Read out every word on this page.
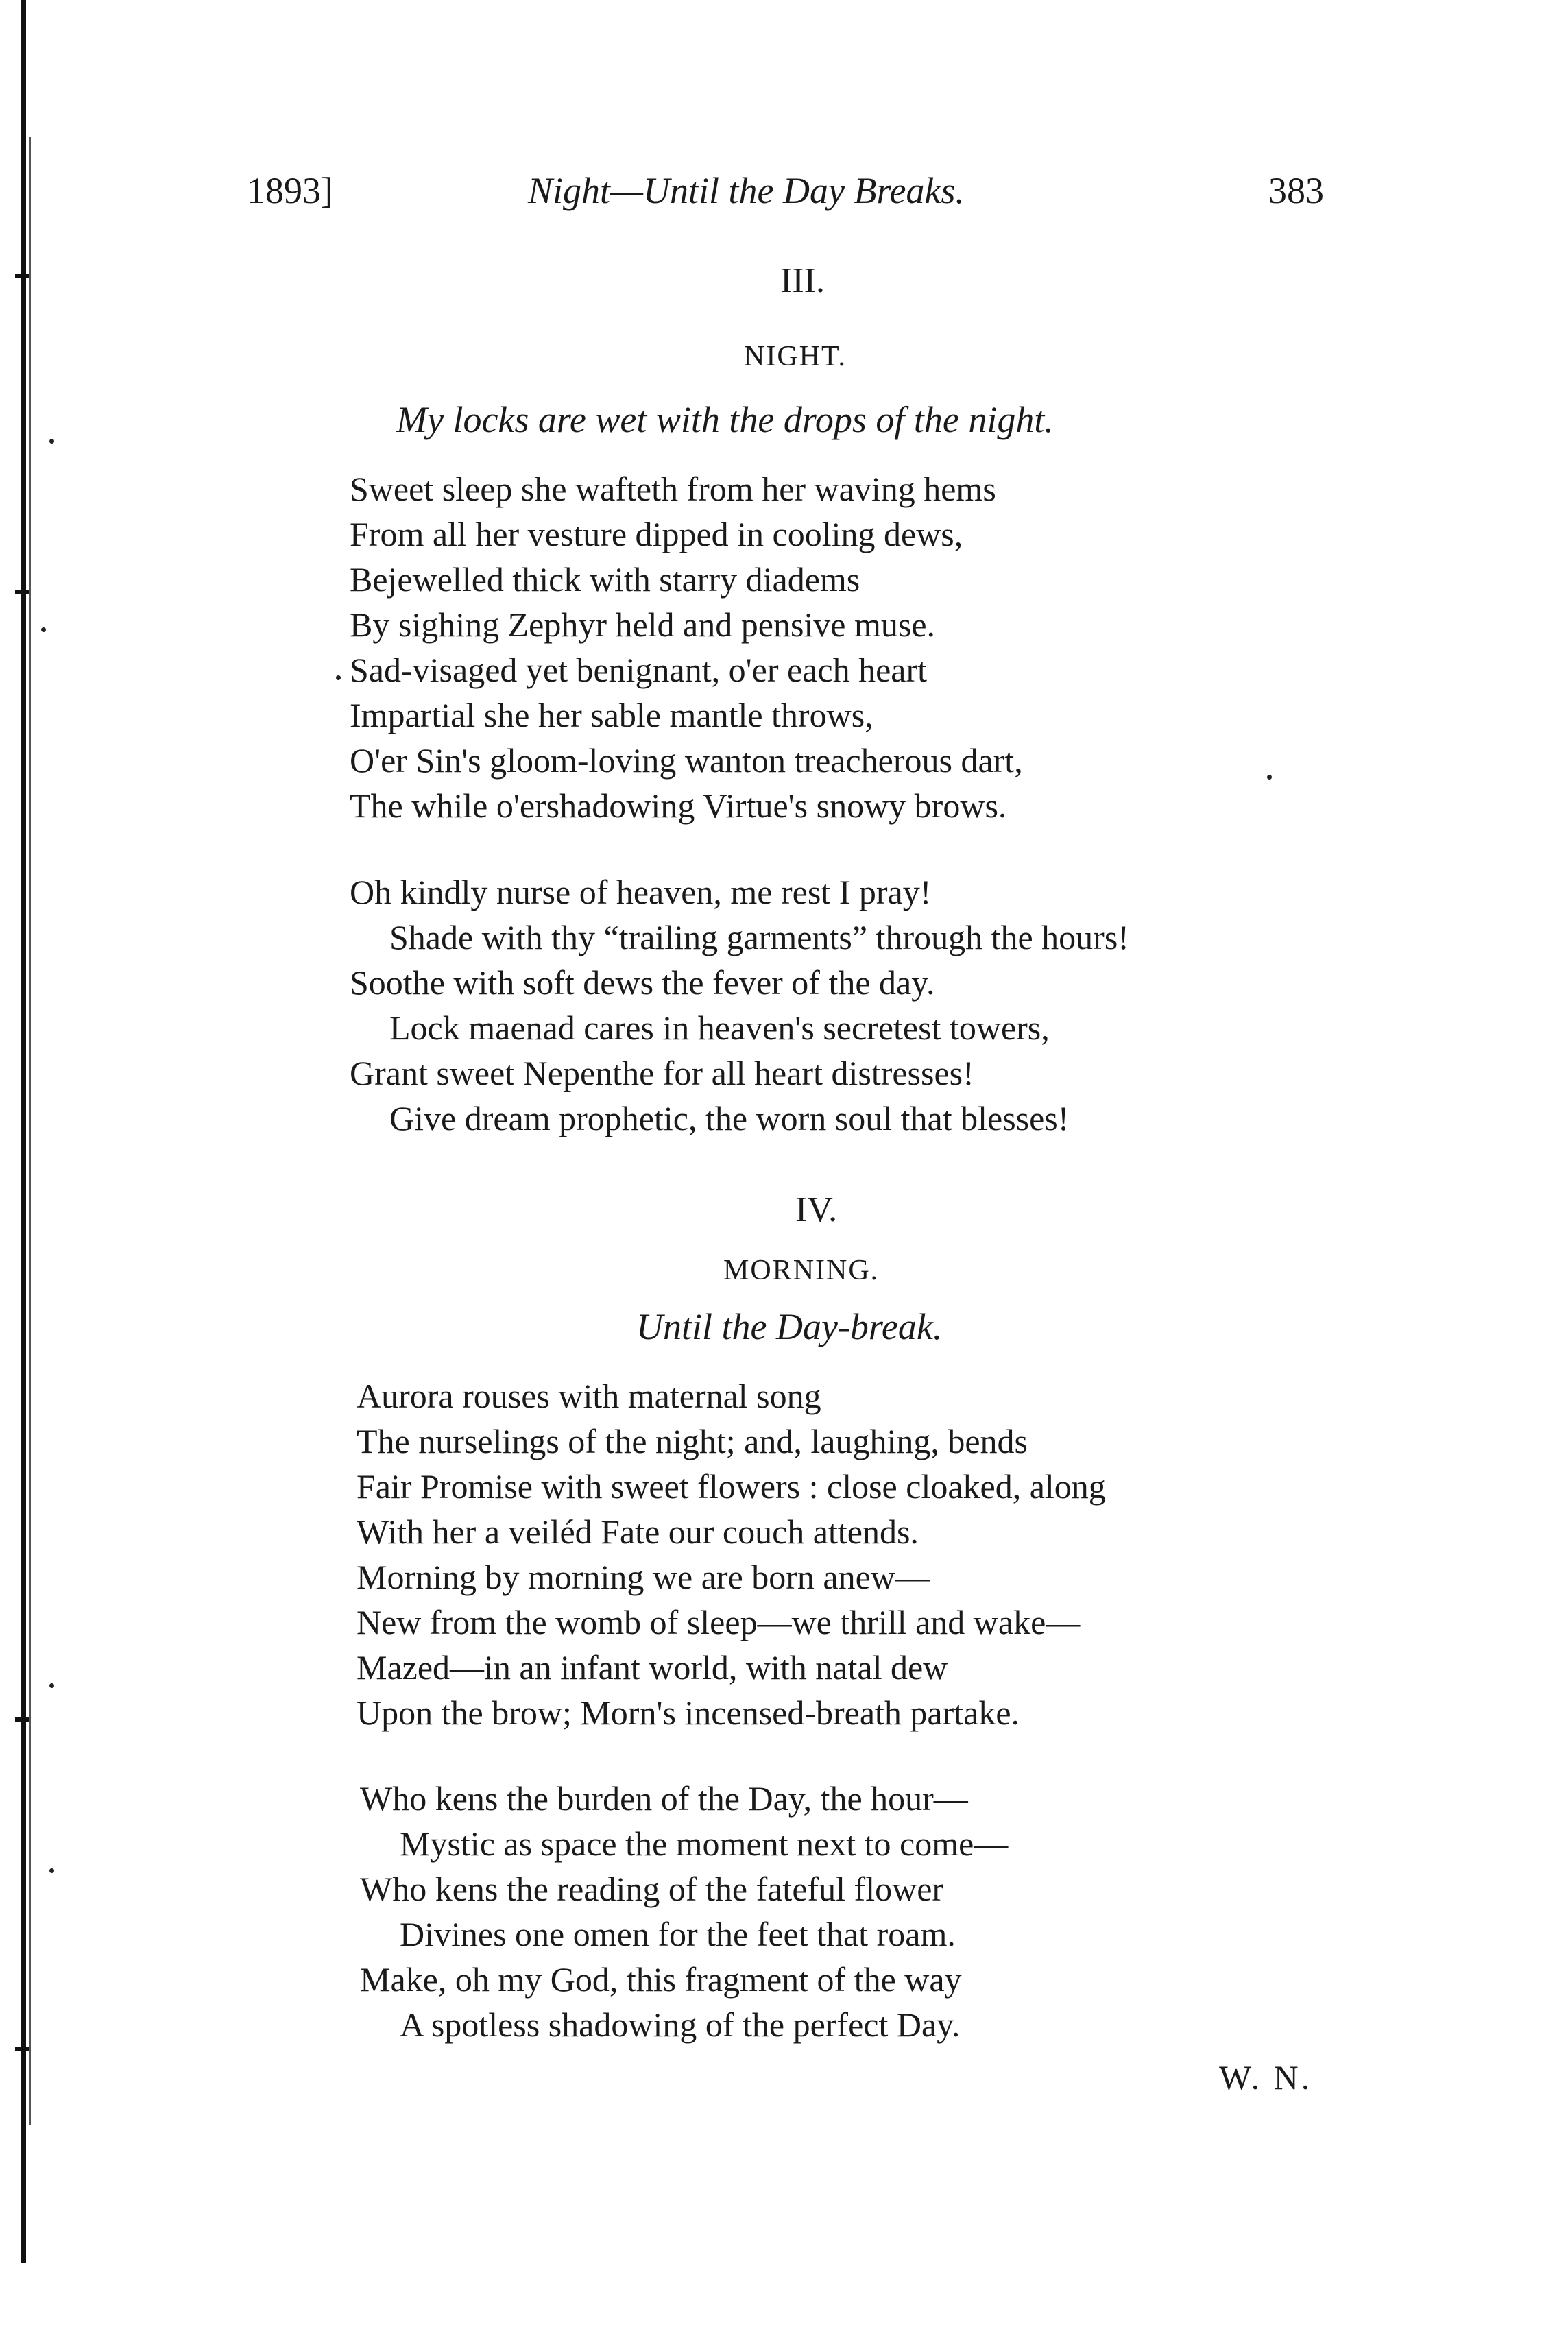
1893]	Night—Until the Day Breaks.	383
III.
NIGHT.
My locks are wet with the drops of the night.
Sweet sleep she wafteth from her waving hems
From all her vesture dipped in cooling dews,
Bejewelled thick with starry diadems
By sighing Zephyr held and pensive muse.
Sad-visaged yet benignant, o'er each heart
Impartial she her sable mantle throws,
O'er Sin's gloom-loving wanton treacherous dart,
The while o'ershadowing Virtue's snowy brows.
Oh kindly nurse of heaven, me rest I pray!
Shade with thy “trailing garments” through the hours!
Soothe with soft dews the fever of the day.
Lock maenad cares in heaven's secretest towers,
Grant sweet Nepenthe for all heart distresses!
Give dream prophetic, the worn soul that blesses!
IV.
MORNING.
Until the Day-break.
Aurora rouses with maternal song
The nurselings of the night; and, laughing, bends
Fair Promise with sweet flowers : close cloaked, along
With her a veiléd Fate our couch attends.
Morning by morning we are born anew—
New from the womb of sleep—we thrill and wake—
Mazed—in an infant world, with natal dew
Upon the brow; Morn's incensed-breath partake.
Who kens the burden of the Day, the hour—
Mystic as space the moment next to come—
Who kens the reading of the fateful flower
Divines one omen for the feet that roam.
Make, oh my God, this fragment of the way
A spotless shadowing of the perfect Day.
W. N.
